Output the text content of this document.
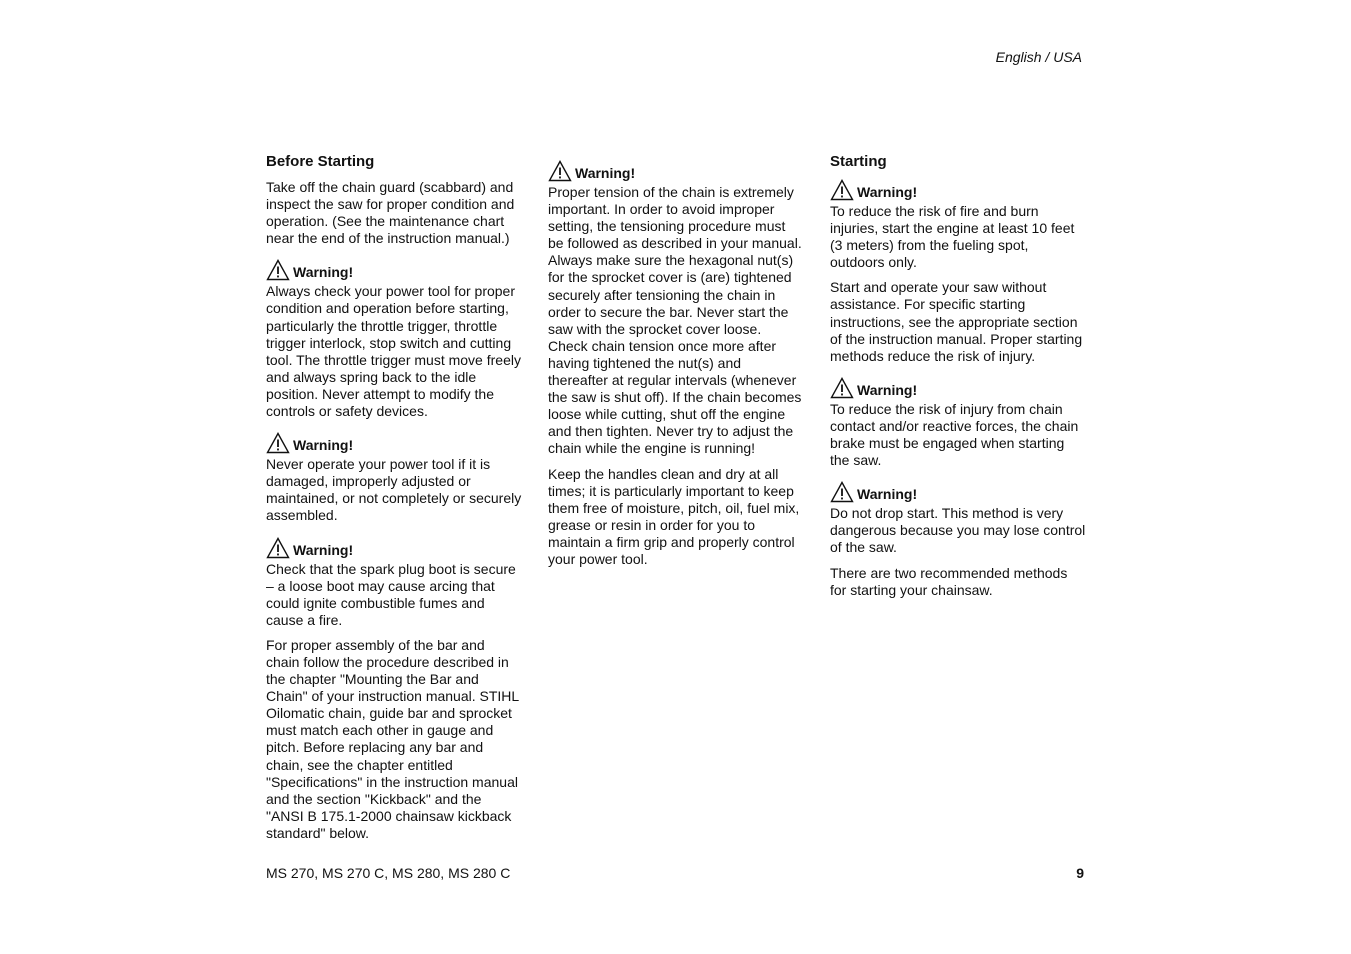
English / USA
Before Starting
Take off the chain guard (scabbard) and inspect the saw for proper condition and operation. (See the maintenance chart near the end of the instruction manual.)
Warning!
Always check your power tool for proper condition and operation before starting, particularly the throttle trigger, throttle trigger interlock, stop switch and cutting tool. The throttle trigger must move freely and always spring back to the idle position. Never attempt to modify the controls or safety devices.
Warning!
Never operate your power tool if it is damaged, improperly adjusted or maintained, or not completely or securely assembled.
Warning!
Check that the spark plug boot is secure – a loose boot may cause arcing that could ignite combustible fumes and cause a fire.
For proper assembly of the bar and chain follow the procedure described in the chapter "Mounting the Bar and Chain" of your instruction manual. STIHL Oilomatic chain, guide bar and sprocket must match each other in gauge and pitch. Before replacing any bar and chain, see the chapter entitled "Specifications" in the instruction manual and the section "Kickback" and the "ANSI B 175.1-2000 chainsaw kickback standard" below.
Warning!
Proper tension of the chain is extremely important. In order to avoid improper setting, the tensioning procedure must be followed as described in your manual. Always make sure the hexagonal nut(s) for the sprocket cover is (are) tightened securely after tensioning the chain in order to secure the bar. Never start the saw with the sprocket cover loose. Check chain tension once more after having tightened the nut(s) and thereafter at regular intervals (whenever the saw is shut off). If the chain becomes loose while cutting, shut off the engine and then tighten. Never try to adjust the chain while the engine is running!
Keep the handles clean and dry at all times; it is particularly important to keep them free of moisture, pitch, oil, fuel mix, grease or resin in order for you to maintain a firm grip and properly control your power tool.
Starting
Warning!
To reduce the risk of fire and burn injuries, start the engine at least 10 feet (3 meters) from the fueling spot, outdoors only.
Start and operate your saw without assistance. For specific starting instructions, see the appropriate section of the instruction manual. Proper starting methods reduce the risk of injury.
Warning!
To reduce the risk of injury from chain contact and/or reactive forces, the chain brake must be engaged when starting the saw.
Warning!
Do not drop start. This method is very dangerous because you may lose control of the saw.
There are two recommended methods for starting your chainsaw.
MS 270, MS 270 C, MS 280, MS 280 C	9
